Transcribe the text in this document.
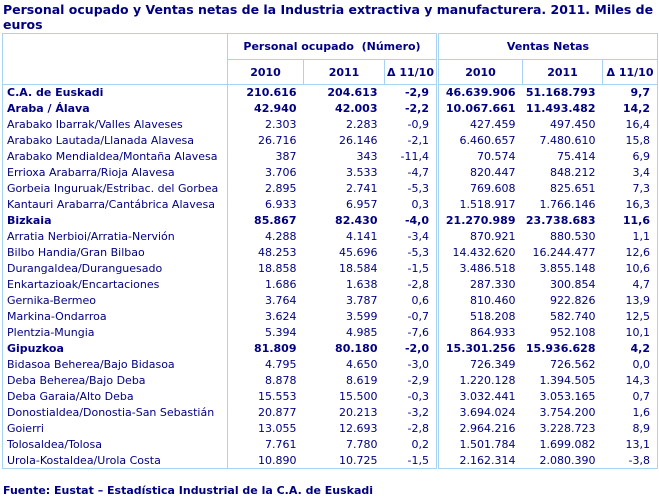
Personal ocupado y Ventas netas de la Industria extractiva y manufacturera. 2011. Miles de euros
	Personal ocupado  (Número)			Ventas Netas		
	2010	2011	Δ 11/10	2010	2011	Δ 11/10
C.A. de Euskadi	210.616	204.613	-2,9	46.639.906	51.168.793	9,7
Araba / Álava	42.940	42.003	-2,2	10.067.661	11.493.482	14,2
Arabako Ibarrak/Valles Alaveses	2.303	2.283	-0,9	427.459	497.450	16,4
Arabako Lautada/Llanada Alavesa	26.716	26.146	-2,1	6.460.657	7.480.610	15,8
Arabako Mendialdea/Montaña Alavesa	387	343	-11,4	70.574	75.414	6,9
Errioxa Arabarra/Rioja Alavesa	3.706	3.533	-4,7	820.447	848.212	3,4
Gorbeia Inguruak/Estribac. del Gorbea	2.895	2.741	-5,3	769.608	825.651	7,3
Kantauri Arabarra/Cantábrica Alavesa	6.933	6.957	0,3	1.518.917	1.766.146	16,3
Bizkaia	85.867	82.430	-4,0	21.270.989	23.738.683	11,6
Arratia Nerbioi/Arratia-Nervión	4.288	4.141	-3,4	870.921	880.530	1,1
Bilbo Handia/Gran Bilbao	48.253	45.696	-5,3	14.432.620	16.244.477	12,6
Durangaldea/Duranguesado	18.858	18.584	-1,5	3.486.518	3.855.148	10,6
Enkartazioak/Encartaciones	1.686	1.638	-2,8	287.330	300.854	4,7
Gernika-Bermeo	3.764	3.787	0,6	810.460	922.826	13,9
Markina-Ondarroa	3.624	3.599	-0,7	518.208	582.740	12,5
Plentzia-Mungia	5.394	4.985	-7,6	864.933	952.108	10,1
Gipuzkoa	81.809	80.180	-2,0	15.301.256	15.936.628	4,2
Bidasoa Beherea/Bajo Bidasoa	4.795	4.650	-3,0	726.349	726.562	0,0
Deba Beherea/Bajo Deba	8.878	8.619	-2,9	1.220.128	1.394.505	14,3
Deba Garaia/Alto Deba	15.553	15.500	-0,3	3.032.441	3.053.165	0,7
Donostialdea/Donostia-San Sebastián	20.877	20.213	-3,2	3.694.024	3.754.200	1,6
Goierri	13.055	12.693	-2,8	2.964.216	3.228.723	8,9
Tolosaldea/Tolosa	7.761	7.780	0,2	1.501.784	1.699.082	13,1
Urola-Kostaldea/Urola Costa	10.890	10.725	-1,5	2.162.314	2.080.390	-3,8
Fuente: Eustat – Estadística Industrial de la C.A. de Euskadi
